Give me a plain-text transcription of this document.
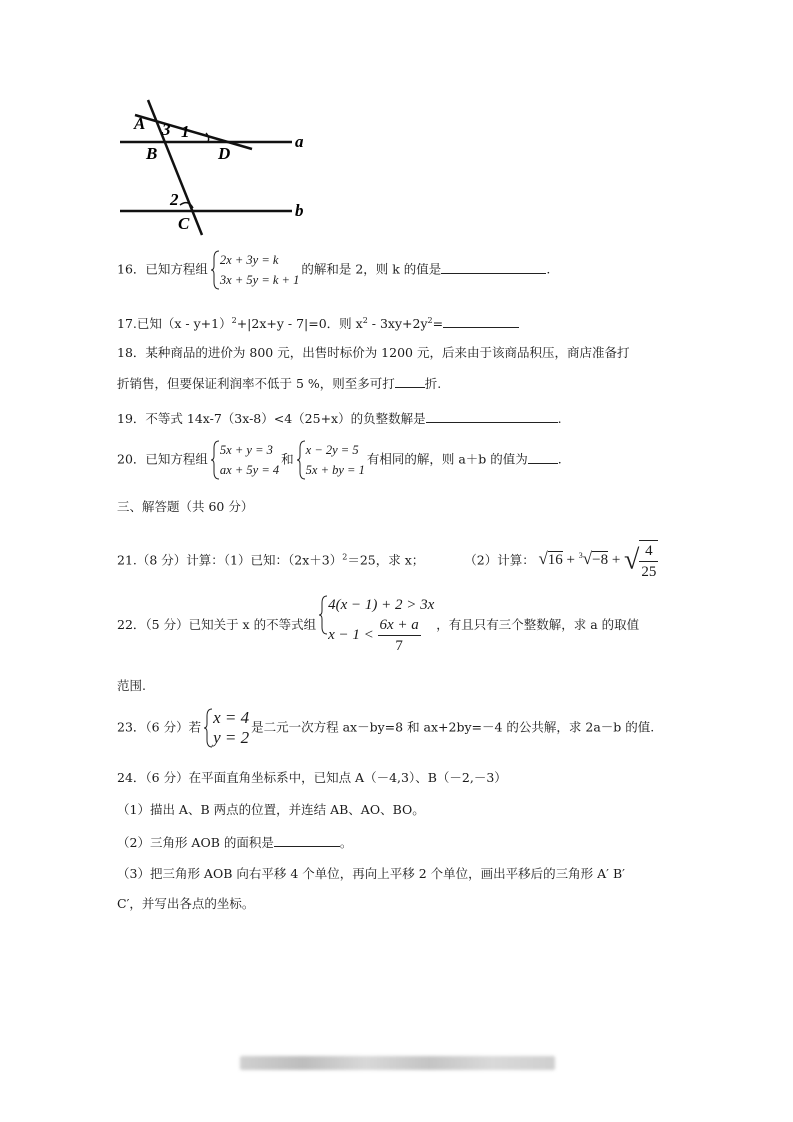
A 3 1
B	D
a
2
C
b
16．已知方程组
2x + 3y = k
3x + 5y = k + 1
的解和是 2，则 k 的值是	.
17.已知$(x - y+1)^2+|2x+y - 7|=0$．则 $x^2 - 3xy+2y^2=$
18．某种商品的进价为 800 元，出售时标价为 1200 元，后来由于该商品积压，商店准备打
折销售，但要保证利润率不低于 5 %，则至多可打 折.
19．不等式 14x-7（3x-8）<4（25+x）的负整数解是	.
20．已知方程组
5x + y = 3
ax + 5y = 4
和
x − 2y = 5
5x + by = 1
有相同的解，则 a＋b 的值为 .
三、解答题（共 60 分）
21.（8 分）计算：（1）已知：$(2x+3)^2=25$，求 x；	（2）计算： √16 + $^3$√−8 + √ $\frac{4}{25}$
22．（5 分）已知关于 x 的不等式组
4(x − 1) + 2 > 3x
$x - 1 < \frac{6x + a}{7}$ ，有且只有三个整数解，求 a 的取值
范围.
23．（6 分）若 x = 4
y = 2
是二元一次方程 ax－by=8 和 ax+2by=－4 的公共解，求 2a－b 的值.
24．（6 分）在平面直角坐标系中，已知点 A（－4,3）、B（－2,－3）
（1）描出 A、B 两点的位置，并连结 AB、AO、BO。
（2）三角形 AOB 的面积是	。
（3）把三角形 AOB 向右平移 4 个单位，再向上平移 2 个单位，画出平移后的三角形 A′ B′
C′，并写出各点的坐标。
